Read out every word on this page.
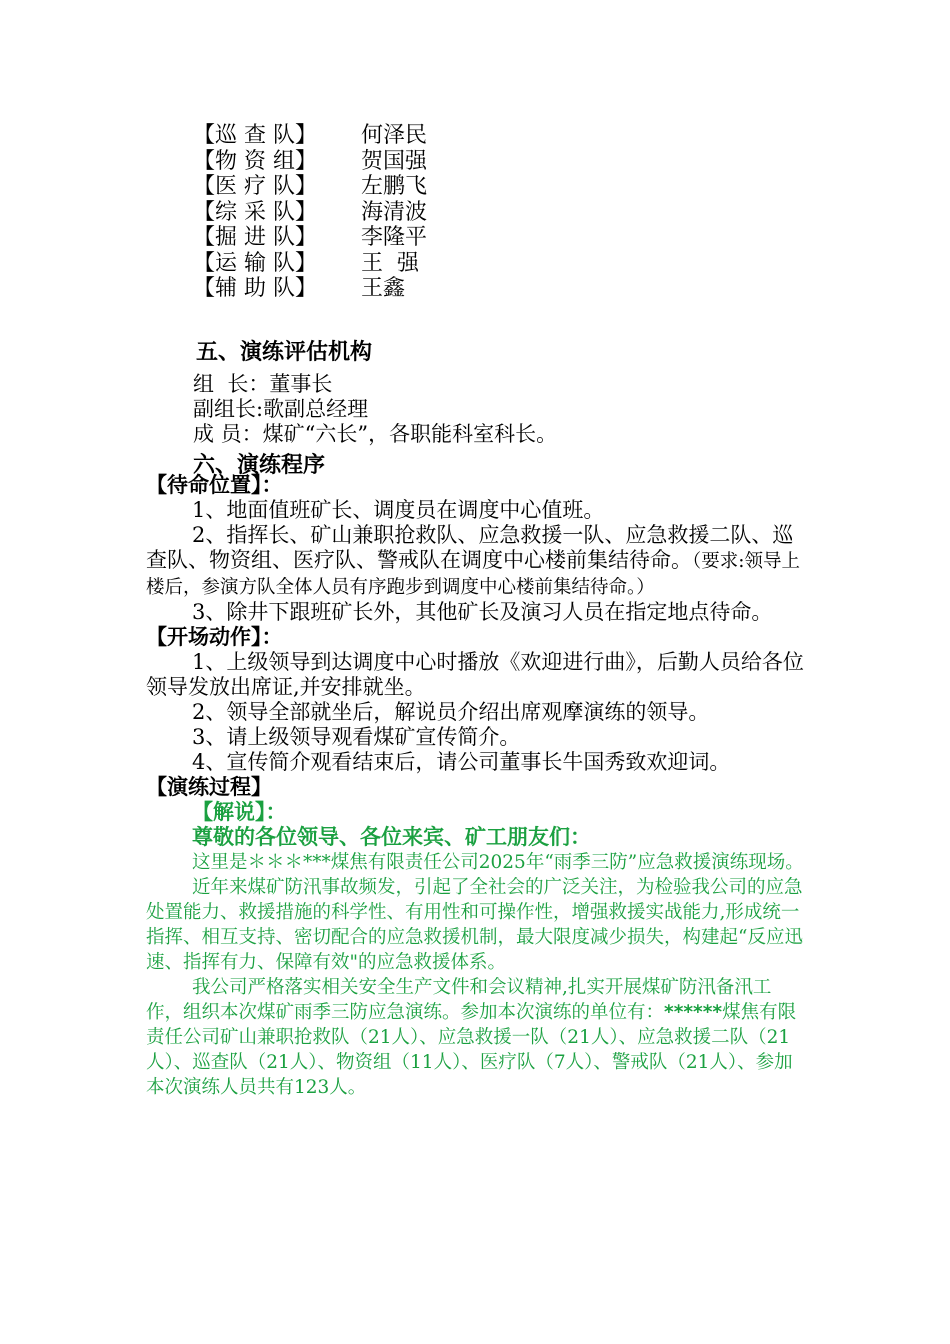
【巡 查 队】	何泽民
【物 资 组】	贺国强
【医 疗 队】	左鹏飞
【综 采 队】	海清波
【掘 进 队】	李隆平
【运 输 队】	王  强
【辅 助 队】	王鑫
五、演练评估机构
组  长：董事长
副组长:歌副总经理
成 员：煤矿“六长”，各职能科室科长。
六、演练程序
【待命位置】：
1、地面值班矿长、调度员在调度中心值班。
2、指挥长、矿山兼职抢救队、应急救援一队、应急救援二队、巡查队、物资组、医疗队、警戒队在调度中心楼前集结待命。（要求:领导上楼后，参演方队全体人员有序跑步到调度中心楼前集结待命。）
3、除井下跟班矿长外，其他矿长及演习人员在指定地点待命。
【开场动作】：
1、上级领导到达调度中心时播放《欢迎进行曲》，后勤人员给各位领导发放出席证,并安排就坐。
2、领导全部就坐后，解说员介绍出席观摩演练的领导。
3、请上级领导观看煤矿宣传简介。
4、宣传简介观看结束后，请公司董事长牛国秀致欢迎词。
【演练过程】
【解说】：
尊敬的各位领导、各位来宾、矿工朋友们：
这里是＊＊＊***煤焦有限责任公司2025年“雨季三防”应急救援演练现场。
近年来煤矿防汛事故频发，引起了全社会的广泛关注，为检验我公司的应急处置能力、救援措施的科学性、有用性和可操作性，增强救援实战能力,形成统一指挥、相互支持、密切配合的应急救援机制，最大限度减少损失，构建起“反应迅速、指挥有力、保障有效"的应急救援体系。
我公司严格落实相关安全生产文件和会议精神,扎实开展煤矿防汛备汛工作，组织本次煤矿雨季三防应急演练。参加本次演练的单位有：******煤焦有限责任公司矿山兼职抢救队（21人）、应急救援一队（21人）、应急救援二队（21人）、巡查队（21人）、物资组（11人）、医疗队（7人）、警戒队（21人）、参加本次演练人员共有123人。
